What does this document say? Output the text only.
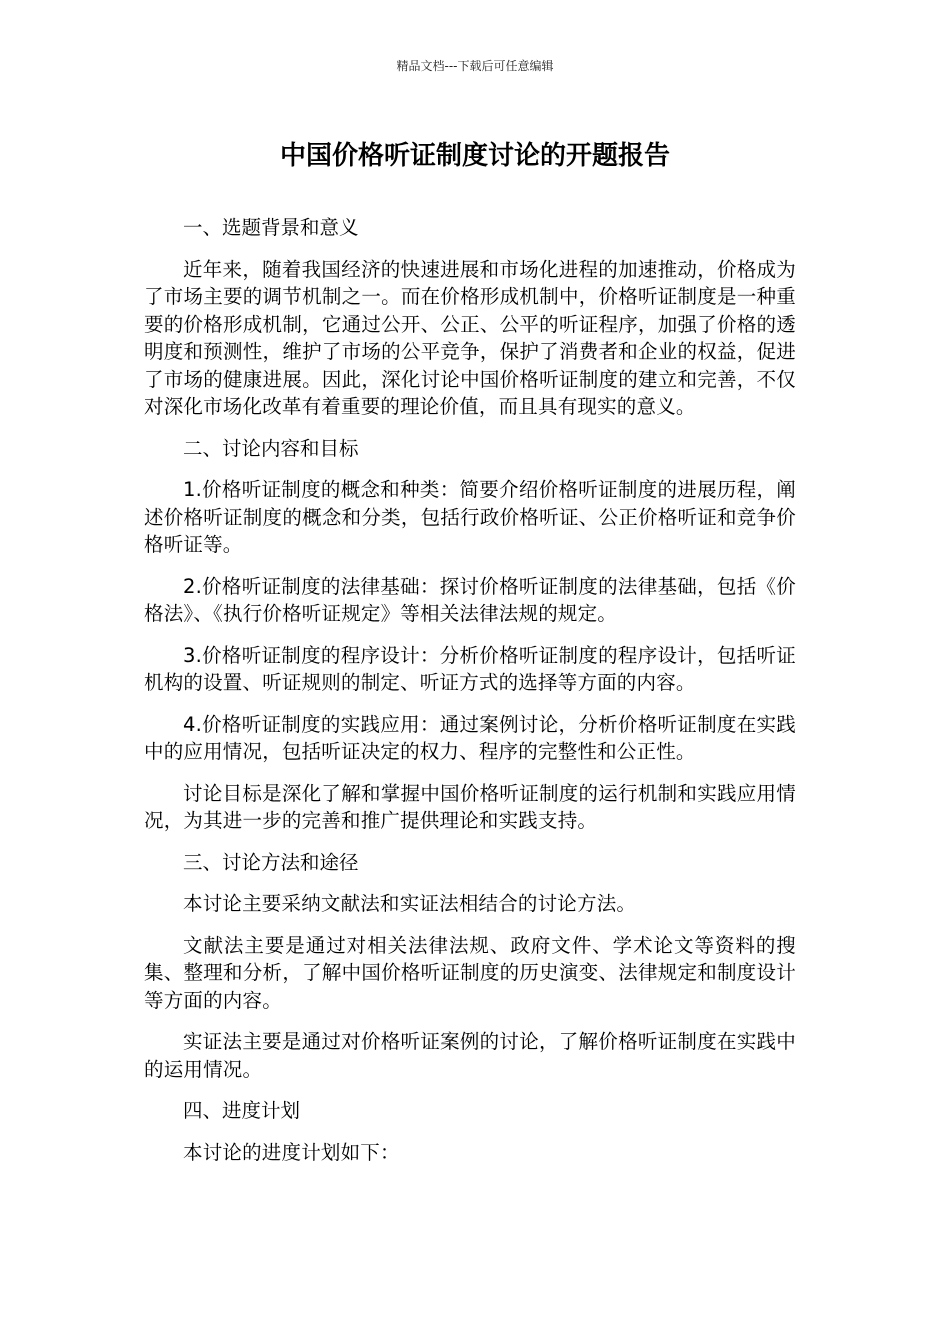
精品文档---下载后可任意编辑
中国价格听证制度讨论的开题报告

一、选题背景和意义

近年来，随着我国经济的快速进展和市场化进程的加速推动，价格成为了市场主要的调节机制之一。而在价格形成机制中，价格听证制度是一种重要的价格形成机制，它通过公开、公正、公平的听证程序，加强了价格的透明度和预测性，维护了市场的公平竞争，保护了消费者和企业的权益，促进了市场的健康进展。因此，深化讨论中国价格听证制度的建立和完善，不仅对深化市场化改革有着重要的理论价值，而且具有现实的意义。

二、讨论内容和目标

1.价格听证制度的概念和种类：简要介绍价格听证制度的进展历程，阐述价格听证制度的概念和分类，包括行政价格听证、公正价格听证和竞争价格听证等。

2.价格听证制度的法律基础：探讨价格听证制度的法律基础，包括《价格法》、《执行价格听证规定》等相关法律法规的规定。

3.价格听证制度的程序设计：分析价格听证制度的程序设计，包括听证机构的设置、听证规则的制定、听证方式的选择等方面的内容。

4.价格听证制度的实践应用：通过案例讨论，分析价格听证制度在实践中的应用情况，包括听证决定的权力、程序的完整性和公正性。

讨论目标是深化了解和掌握中国价格听证制度的运行机制和实践应用情况，为其进一步的完善和推广提供理论和实践支持。

三、讨论方法和途径

本讨论主要采纳文献法和实证法相结合的讨论方法。

文献法主要是通过对相关法律法规、政府文件、学术论文等资料的搜集、整理和分析，了解中国价格听证制度的历史演变、法律规定和制度设计等方面的内容。

实证法主要是通过对价格听证案例的讨论，了解价格听证制度在实践中的运用情况。

四、进度计划

本讨论的进度计划如下：
